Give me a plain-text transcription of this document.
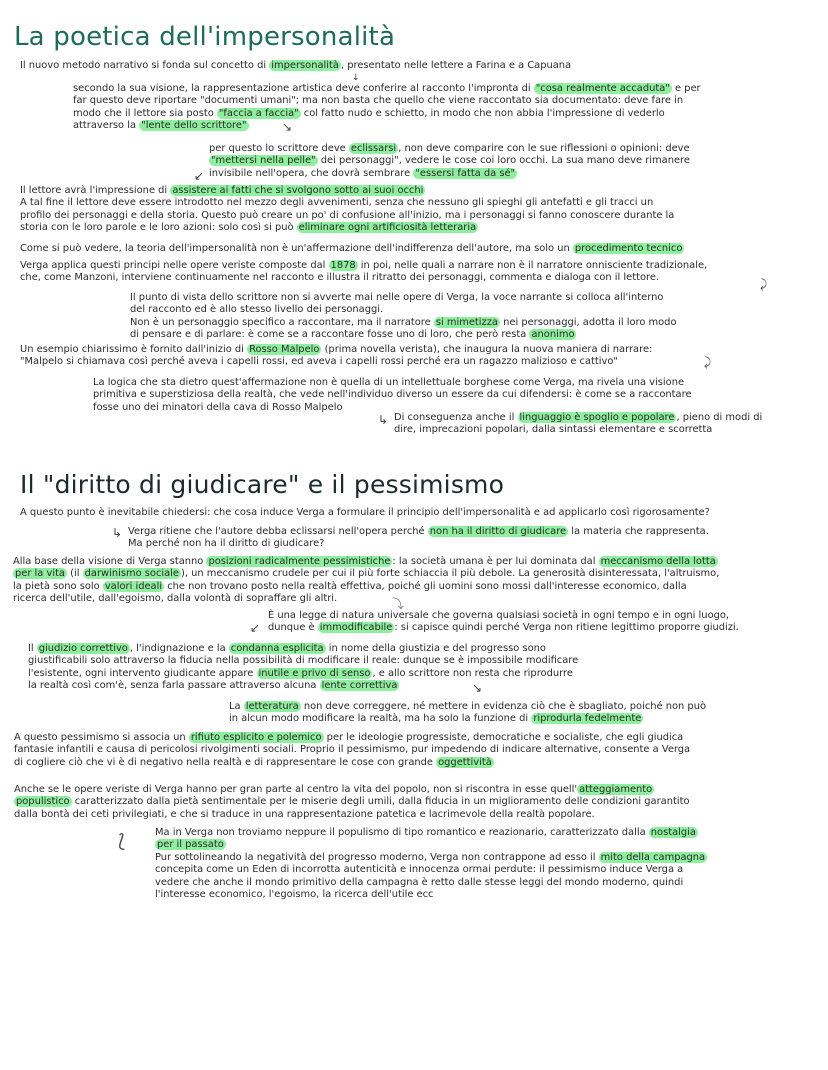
La poetica dell'impersonalità

Il nuovo metodo narrativo si fonda sul concetto di impersonalità , presentato nelle lettere a Farina e a Capuana

↓

secondo la sua visione, la rappresentazione artistica deve conferire al racconto l'impronta di "cosa realmente accaduta" e per
far questo deve riportare "documenti umani"; ma non basta che quello che viene raccontato sia documentato: deve fare in
modo che il lettore sia posto "faccia a faccia" col fatto nudo e schietto, in modo che non abbia l'impressione di vederlo
attraverso la "lente dello scrittore"	↘

per questo lo scrittore deve eclissarsi , non deve comparire con le sue riflessioni o opinioni: deve
"mettersi nella pelle" dei personaggi", vedere le cose coi loro occhi. La sua mano deve rimanere
invisibile nell'opera, che dovrà sembrare "essersi fatta da sé"

↙

Il lettore avrà l'impressione di assistere ai fatti che si svolgono sotto ai suoi occhi
A tal fine il lettore deve essere introdotto nel mezzo degli avvenimenti, senza che nessuno gli spieghi gli antefatti e gli tracci un
profilo dei personaggi e della storia. Questo può creare un po' di confusione all'inizio, ma i personaggi si fanno conoscere durante la
storia con le loro parole e le loro azioni: solo così si può eliminare ogni artificiosità letteraria

Come si può vedere, la teoria dell'impersonalità non è un'affermazione dell'indifferenza dell'autore, ma solo un procedimento tecnico

Verga applica questi principi nelle opere veriste composte dal 1878 in poi, nelle quali a narrare non è il narratore onnisciente tradizionale,
che, come Manzoni, interviene continuamente nel racconto e illustra il ritratto dei personaggi, commenta e dialoga con il lettore.	⤸

Il punto di vista dello scrittore non si avverte mai nelle opere di Verga, la voce narrante si colloca all'interno
del racconto ed è allo stesso livello dei personaggi.
Non è un personaggio specifico a raccontare, ma il narratore si mimetizza nei personaggi, adotta il loro modo
di pensare e di parlare: è come se a raccontare fosse uno di loro, che però resta anonimo

Un esempio chiarissimo è fornito dall'inizio di Rosso Malpelo (prima novella verista), che inaugura la nuova maniera di narrare:
"Malpelo si chiamava così perché aveva i capelli rossi, ed aveva i capelli rossi perché era un ragazzo malizioso e cattivo"	⤸

La logica che sta dietro quest'affermazione non è quella di un intellettuale borghese come Verga, ma rivela una visione
primitiva e superstiziosa della realtà, che vede nell'individuo diverso un essere da cui difendersi: è come se a raccontare
fosse uno dei minatori della cava di Rosso Malpelo

↳ Di conseguenza anche il linguaggio è spoglio e popolare , pieno di modi di
dire, imprecazioni popolari, dalla sintassi elementare e scorretta

Il "diritto di giudicare" e il pessimismo

A questo punto è inevitabile chiedersi: che cosa induce Verga a formulare il principio dell'impersonalità e ad applicarlo così rigorosamente?

↳ Verga ritiene che l'autore debba eclissarsi nell'opera perché non ha il diritto di giudicare la materia che rappresenta.
Ma perché non ha il diritto di giudicare?

Alla base della visione di Verga stanno posizioni radicalmente pessimistiche : la società umana è per lui dominata dal meccanismo della lotta
per la vita (il darwinismo sociale ), un meccanismo crudele per cui il più forte schiaccia il più debole. La generosità disinteressata, l'altruismo,
la pietà sono solo valori ideali che non trovano posto nella realtà effettiva, poiché gli uomini sono mossi dall'interesse economico, dalla
ricerca dell'utile, dall'egoismo, dalla volontà di sopraffare gli altri.	⤵

È una legge di natura universale che governa qualsiasi società in ogni tempo e in ogni luogo,
dunque è immodificabile : si capisce quindi perché Verga non ritiene legittimo proporre giudizi.

↙

Il giudizio correttivo , l'indignazione e la condanna esplicita in nome della giustizia e del progresso sono
giustificabili solo attraverso la fiducia nella possibilità di modificare il reale: dunque se è impossibile modificare
l'esistente, ogni intervento giudicante appare inutile e privo di senso , e allo scrittore non resta che riprodurre
la realtà così com'è, senza farla passare attraverso alcuna lente correttiva	↘

La letteratura non deve correggere, né mettere in evidenza ciò che è sbagliato, poiché non può
in alcun modo modificare la realtà, ma ha solo la funzione di riprodurla fedelmente

A questo pessimismo si associa un rifiuto esplicito e polemico per le ideologie progressiste, democratiche e socialiste, che egli giudica
fantasie infantili e causa di pericolosi rivolgimenti sociali. Proprio il pessimismo, pur impedendo di indicare alternative, consente a Verga
di cogliere ciò che vi è di negativo nella realtà e di rappresentare le cose con grande oggettività

Anche se le opere veriste di Verga hanno per gran parte al centro la vita del popolo, non si riscontra in esse quell' atteggiamento
populistico caratterizzato dalla pietà sentimentale per le miserie degli umili, dalla fiducia in un miglioramento delle condizioni garantito
dalla bontà dei ceti privilegiati, e che si traduce in una rappresentazione patetica e lacrimevole della realtà popolare.

Ma in Verga non troviamo neppure il populismo di tipo romantico e reazionario, caratterizzato dalla nostalgia
per il passato

⟅

Pur sottolineando la negatività del progresso moderno, Verga non contrappone ad esso il mito della campagna
concepita come un Eden di incorrotta autenticità e innocenza ormai perdute: il pessimismo induce Verga a
vedere che anche il mondo primitivo della campagna è retto dalle stesse leggi del mondo moderno, quindi
l'interesse economico, l'egoismo, la ricerca dell'utile ecc
